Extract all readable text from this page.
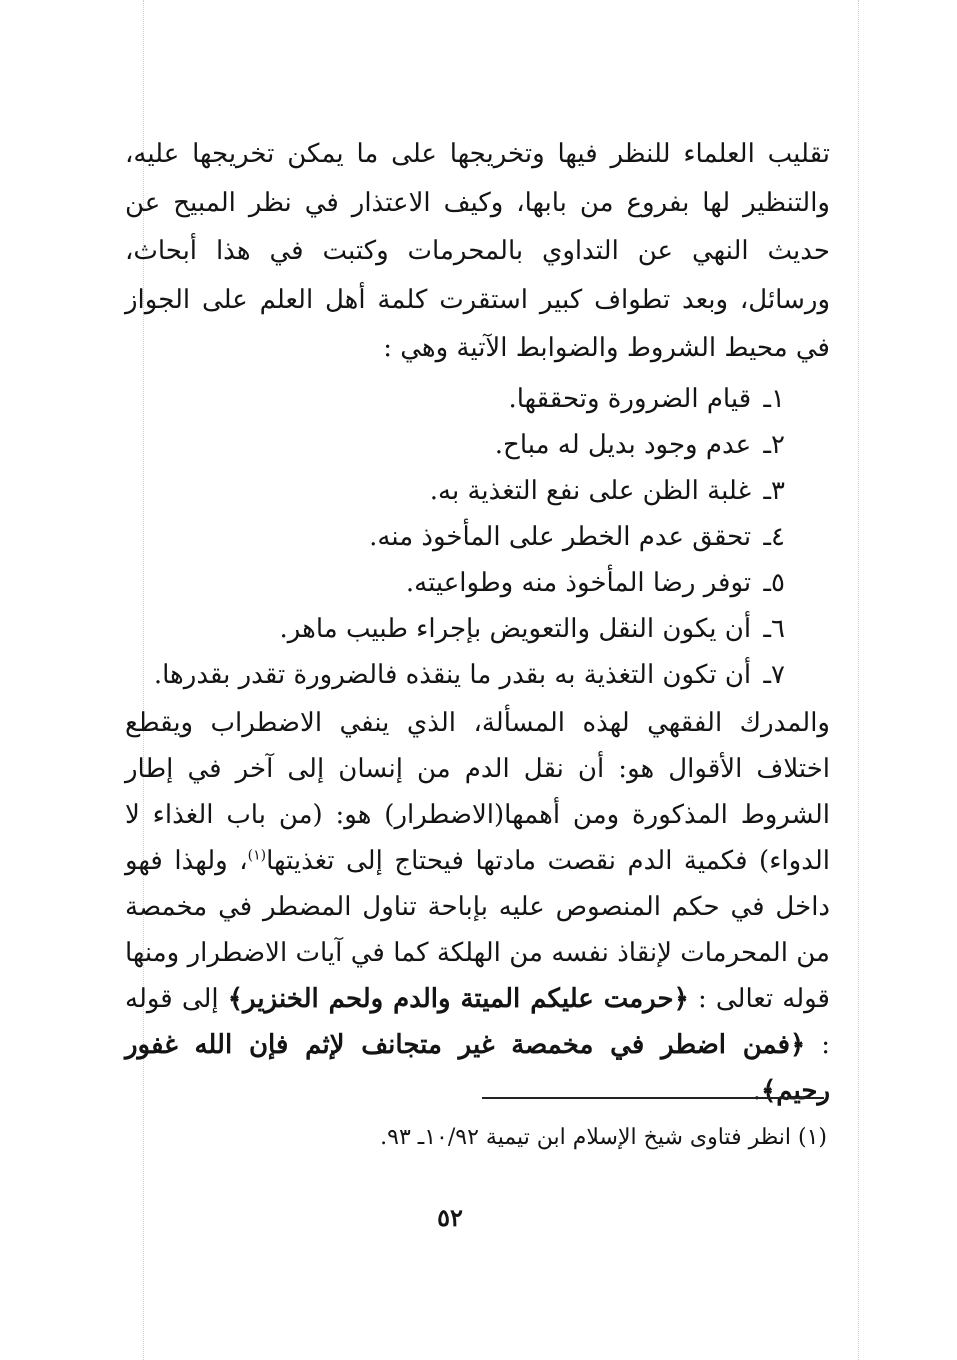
تقليب العلماء للنظر فيها وتخريجها على ما يمكن تخريجها عليه، والتنظير لها بفروع من بابها، وكيف الاعتذار في نظر المبيح عن حديث النهي عن التداوي بالمحرمات وكتبت في هذا أبحاث، ورسائل، وبعد تطواف كبير استقرت كلمة أهل العلم على الجواز في محيط الشروط والضوابط الآتية وهي :

١ـ قيام الضرورة وتحققها.
٢ـ عدم وجود بديل له مباح.
٣ـ غلبة الظن على نفع التغذية به.
٤ـ تحقق عدم الخطر على المأخوذ منه.
٥ـ توفر رضا المأخوذ منه وطواعيته.
٦ـ أن يكون النقل والتعويض بإجراء طبيب ماهر.
٧ـ أن تكون التغذية به بقدر ما ينقذه فالضرورة تقدر بقدرها.

والمدرك الفقهي لهذه المسألة، الذي ينفي الاضطراب ويقطع اختلاف الأقوال هو: أن نقل الدم من إنسان إلى آخر في إطار الشروط المذكورة ومن أهمها(الاضطرار) هو: (من باب الغذاء لا الدواء) فكمية الدم نقصت مادتها فيحتاج إلى تغذيتها$^{(١)}$، ولهذا فهو داخل في حكم المنصوص عليه بإباحة تناول المضطر في مخمصة من المحرمات لإنقاذ نفسه من الهلكة كما في آيات الاضطرار ومنها قوله تعالى : ﴿حرمت عليكم الميتة والدم ولحم الخنزير﴾ إلى قوله : ﴿فمن اضطر في مخمصة غير متجانف لإثم فإن الله غفور رحيم﴾.

(١) انظر فتاوى شيخ الإسلام ابن تيمية ١٠/٩٢ـ ٩٣.
٥٢
